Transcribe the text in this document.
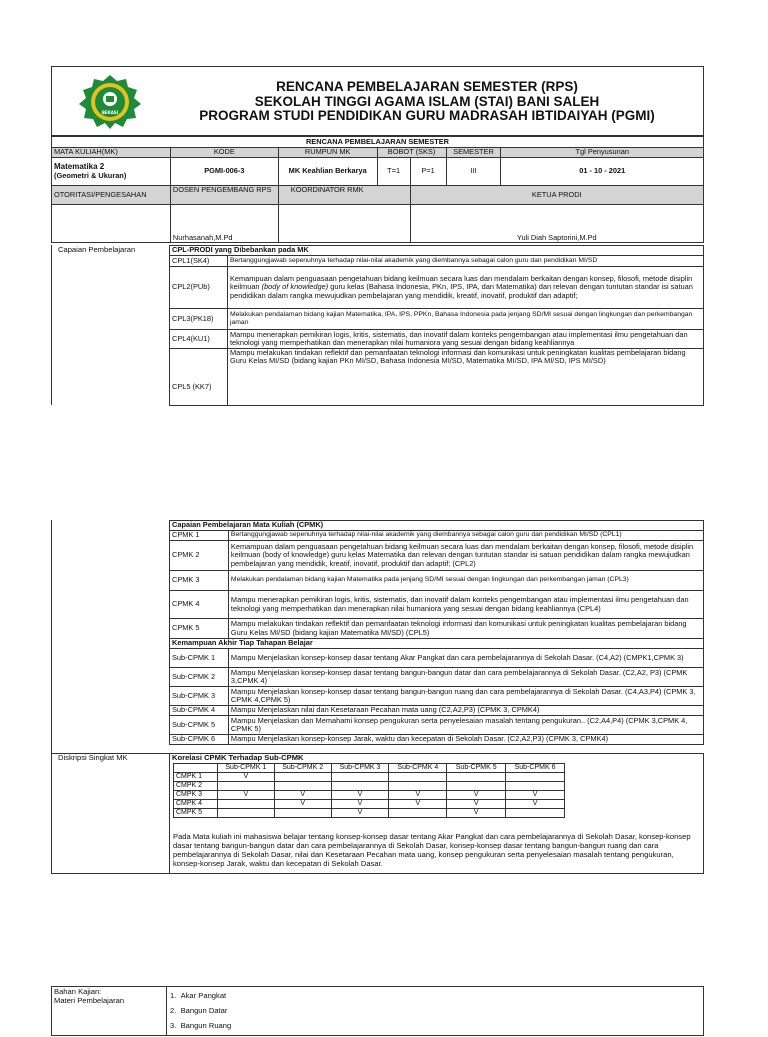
BEKASI
RENCANA PEMBELAJARAN SEMESTER (RPS)
SEKOLAH TINGGI AGAMA ISLAM (STAI) BANI SALEH
PROGRAM STUDI PENDIDIKAN GURU MADRASAH IBTIDAIYAH (PGMI)
RENCANA PEMBELAJARAN SEMESTER						
MATA KULIAH(MK)	KODE	RUMPUN MK	BOBOT (SKS)		SEMESTER	Tgl Penyusunan

Matematika 2
(Geometri & Ukuran)	PGMI-006-3	MK Keahlian Berkarya	T=1	P=1	III	01 - 10 - 2021
OTORITASI/PENGESAHAN	DOSEN PENGEMBANG RPS	KOORDINATOR RMK		KETUA PRODI		
	Nurhasanah,M.Pd			Yuli Diah Saptorini,M.Pd		
Capaian Pembelajaran	CPL-PRODI yang Dibebankan pada MK	
CPL1(SK4)	Bertanggungjawab sepenuhnya terhadap nilai-nilai akademik yang diembannya sebagai calon guru dan pendidikan MI/SD
CPL2(PUb)	Kemampuan dalam penguasaan pengetahuan bidang keilmuan secara luas dan mendalam berkaitan dengan konsep, filosofi, metode disiplin keilmuan (body of knowledge) guru kelas (Bahasa Indonesia, PKn, IPS, IPA, dan Matematika) dan relevan dengan tuntutan standar isi satuan pendidikan dalam rangka mewujudkan pembelajaran yang mendidik, kreatif, inovatif, produktif dan adaptif;
CPL3(PK18)	Melakukan pendalaman bidang kajian Matematika, IPA, IPS, PPKn, Bahasa Indonesia pada jenjang SD/MI sesuai dengan lingkungan dan perkembangan jaman
CPL4(KU1)	Mampu menerapkan pemikiran logis, kritis, sistematis, dan inovatif dalam konteks pengembangan atau implementasi ilmu pengetahuan dan teknologi yang memperhatikan dan menerapkan nilai humaniora yang sesuai dengan bidang keahliannya
CPL5 (KK7)	Mampu melakukan tindakan reflektif dan pemanfaatan teknologi informasi dan komunikasi untuk peningkatan kualitas pembelajaran bidang Guru Kelas MI/SD (bidang kajian PKn MI/SD, Bahasa Indonesia MI/SD, Matematika MI/SD, IPA MI/SD, IPS MI/SD)
Capaian Pembelajaran Mata Kuliah (CPMK)	
CPMK 1	Bertanggungjawab sepenuhnya terhadap nilai-nilai akademik yang diembannya sebagai calon guru dan pendidikan MI/SD (CPL1)
CPMK 2	Kemampuan dalam penguasaan pengetahuan bidang keilmuan secara luas dan mendalam berkaitan dengan konsep, filosofi, metode disiplin keilmuan (body of knowledge) guru kelas Matematika dan relevan dengan tuntutan standar isi satuan pendidikan dalam rangka mewujudkan pembelajaran yang mendidik, kreatif, inovatif, produktif dan adaptif; (CPL2)
CPMK 3	Melakukan pendalaman bidang kajian Matematika pada jenjang SD/MI sesuai dengan lingkungan dan perkembangan jaman (CPL3)
CPMK 4	Mampu menerapkan pemikiran logis, kritis, sistematis, dan inovatif dalam konteks pengembangan atau implementasi ilmu pengetahuan dan teknologi yang memperhatikan dan menerapkan nilai humaniora yang sesuai dengan bidang keahliannya (CPL4)
CPMK 5	Mampu melakukan tindakan reflektif dan pemanfaatan teknologi informasi dan komunikasi untuk peningkatan kualitas pembelajaran bidang Guru Kelas MI/SD (bidang kajian Matematika MI/SD) (CPL5)
Kemampuan Akhir Tiap Tahapan Belajar	
Sub-CPMK 1	Mampu Menjelaskan konsep-konsep dasar tentang Akar Pangkat dan cara pembelajarannya di Sekolah Dasar. (C4,A2) (CMPK1,CPMK 3)
Sub-CPMK 2	Mampu Menjelaskan konsep-konsep dasar tentang bangun-bangun datar dan cara pembelajarannya di Sekolah Dasar. (C2,A2, P3) (CPMK 3,CPMK 4)
Sub-CPMK 3	Mampu Menjelaskan konsep-konsep dasar tentang bangun-bangun ruang dan cara pembelajarannya di Sekolah Dasar. (C4,A3,P4) (CPMK 3, CPMK 4,CPMK 5)
Sub-CPMK 4	Mampu Menjelaskan nilai dan Kesetaraan Pecahan mata uang (C2,A2,P3) (CPMK 3, CPMK4)
Sub-CPMK 5	Mampu Menjelaskan dan Memahami konsep pengukuran serta penyelesaian masalah tentang pengukuran.. (C2,A4,P4) (CPMK 3,CPMK 4, CPMK 5)
Sub-CPMK 6	Mampu Menjelaskan konsep-konsep Jarak, waktu dan kecepatan di Sekolah Dasar. (C2,A2,P3) (CPMK 3, CPMK4)
Diskripsi Singkat MK	Korelasi CPMK Terhadap Sub-CPMK
	Sub-CPMK 1	Sub-CPMK 2	Sub-CPMK 3	Sub-CPMK 4	Sub-CPMK 5	Sub-CPMK 6
CMPK 1	V					
CMPK 2						
CMPK 3	V	V	V	V	V	V
CMPK 4		V	V	V	V	V
CMPK 5			V		V	
Pada Mata kuliah ini mahasiswa belajar tentang konsep-konsep dasar tentang Akar Pangkat dan cara pembelajarannya di Sekolah Dasar, konsep-konsep dasar tentang bangun-bangun datar dan cara pembelajarannya di Sekolah Dasar, konsep-konsep dasar tentang bangun-bangun ruang dan cara pembelajarannya di Sekolah Dasar, nilai dan Kesetaraan Pecahan mata uang, konsep pengukuran serta penyelesaian masalah tentang pengukuran, konsep-konsep Jarak, waktu dan kecepatan di Sekolah Dasar.
Bahan Kajian:
Materi Pembelajaran
1.  Akar Pangkat
2.  Bangun Datar
3.  Bangun Ruang
